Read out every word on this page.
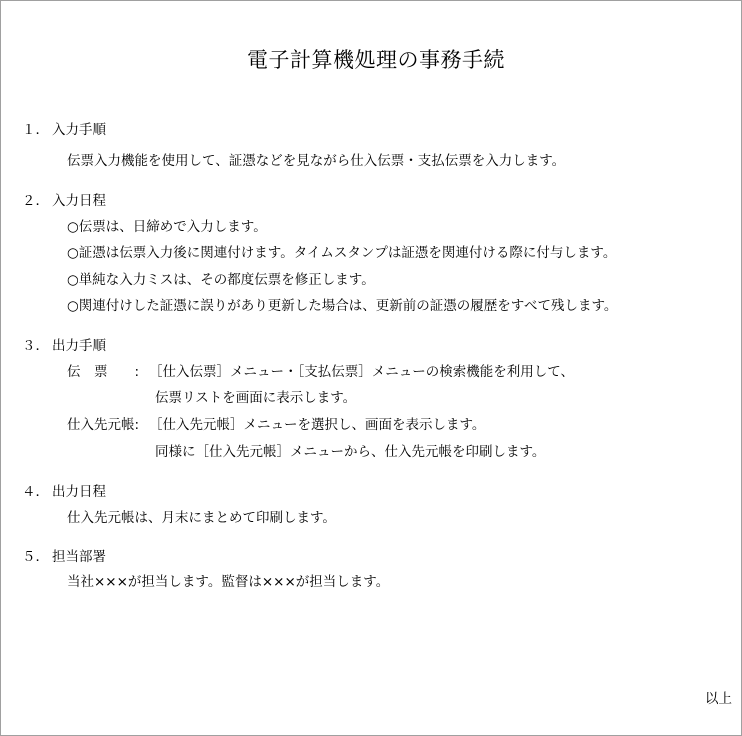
電子計算機処理の事務手続
１． 入力手順
伝票入力機能を使用して、証憑などを見ながら仕入伝票・支払伝票を入力します。
２． 入力日程
○伝票は、日締めで入力します。
○証憑は伝票入力後に関連付けます。タイムスタンプは証憑を関連付ける際に付与します。
○単純な入力ミスは、その都度伝票を修正します。
○関連付けした証憑に誤りがあり更新した場合は、更新前の証憑の履歴をすべて残します。
３． 出力手順
伝　票　　: ［仕入伝票］メニュー・［支払伝票］メニューの検索機能を利用して、
伝票リストを画面に表示します。
仕入先元帳: ［仕入先元帳］メニューを選択し、画面を表示します。
同様に［仕入先元帳］メニューから、仕入先元帳を印刷します。
４． 出力日程
仕入先元帳は、月末にまとめて印刷します。
５． 担当部署
当社×××が担当します。監督は×××が担当します。
以上
